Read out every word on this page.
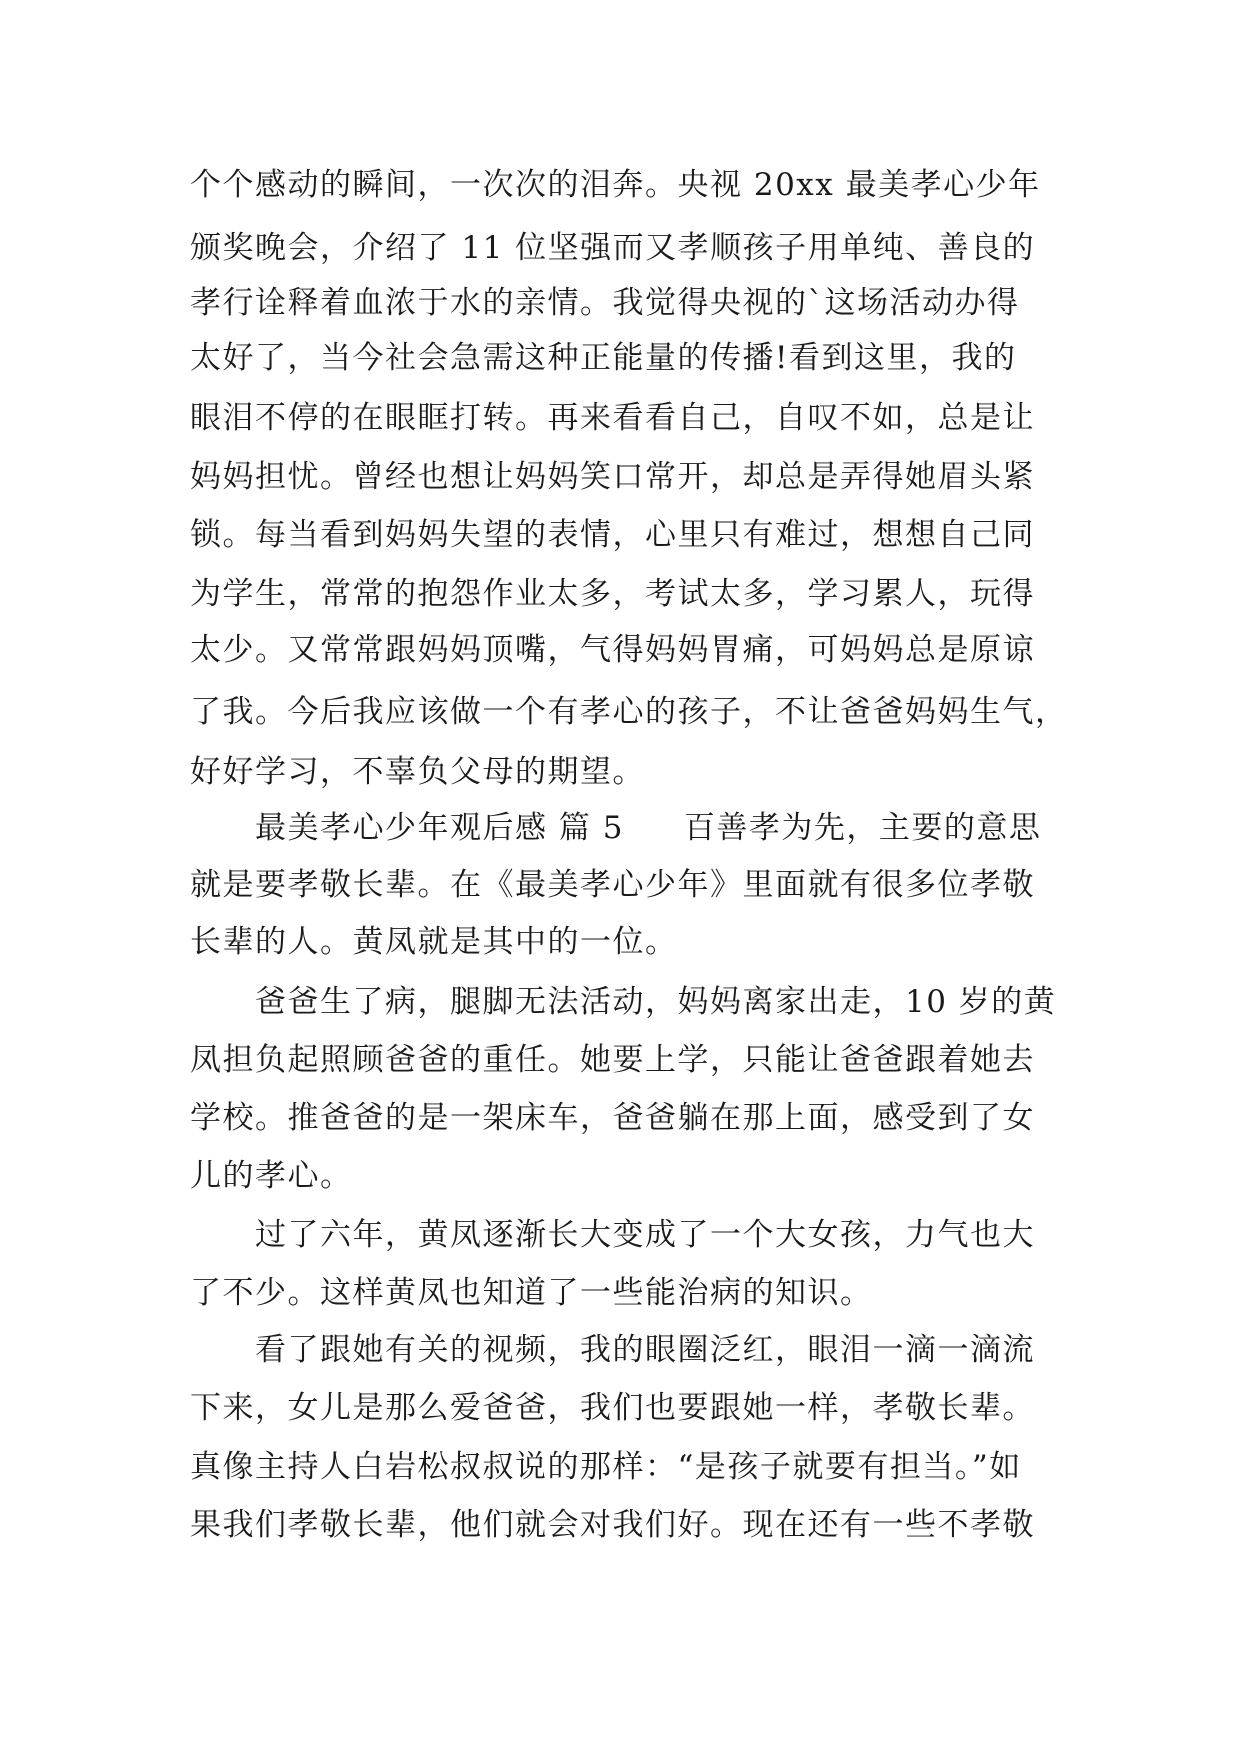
个个感动的瞬间，一次次的泪奔。央视 20xx 最美孝心少年

颁奖晚会，介绍了 11 位坚强而又孝顺孩子用单纯、善良的

孝行诠释着血浓于水的亲情。我觉得央视的`这场活动办得

太好了，当今社会急需这种正能量的传播!看到这里，我的

眼泪不停的在眼眶打转。再来看看自己，自叹不如，总是让

妈妈担忧。曾经也想让妈妈笑口常开，却总是弄得她眉头紧

锁。每当看到妈妈失望的表情，心里只有难过，想想自己同

为学生，常常的抱怨作业太多，考试太多，学习累人，玩得

太少。又常常跟妈妈顶嘴，气得妈妈胃痛，可妈妈总是原谅

了我。今后我应该做一个有孝心的孩子，不让爸爸妈妈生气，

好好学习，不辜负父母的期望。

最美孝心少年观后感 篇 5 百善孝为先，主要的意思

就是要孝敬长辈。在《最美孝心少年》里面就有很多位孝敬

长辈的人。黄凤就是其中的一位。

爸爸生了病，腿脚无法活动，妈妈离家出走，10 岁的黄

凤担负起照顾爸爸的重任。她要上学，只能让爸爸跟着她去

学校。推爸爸的是一架床车，爸爸躺在那上面，感受到了女

儿的孝心。

过了六年，黄凤逐渐长大变成了一个大女孩，力气也大

了不少。这样黄凤也知道了一些能治病的知识。

看了跟她有关的视频，我的眼圈泛红，眼泪一滴一滴流

下来，女儿是那么爱爸爸，我们也要跟她一样，孝敬长辈。

真像主持人白岩松叔叔说的那样：“是孩子就要有担当。”如

果我们孝敬长辈，他们就会对我们好。现在还有一些不孝敬
